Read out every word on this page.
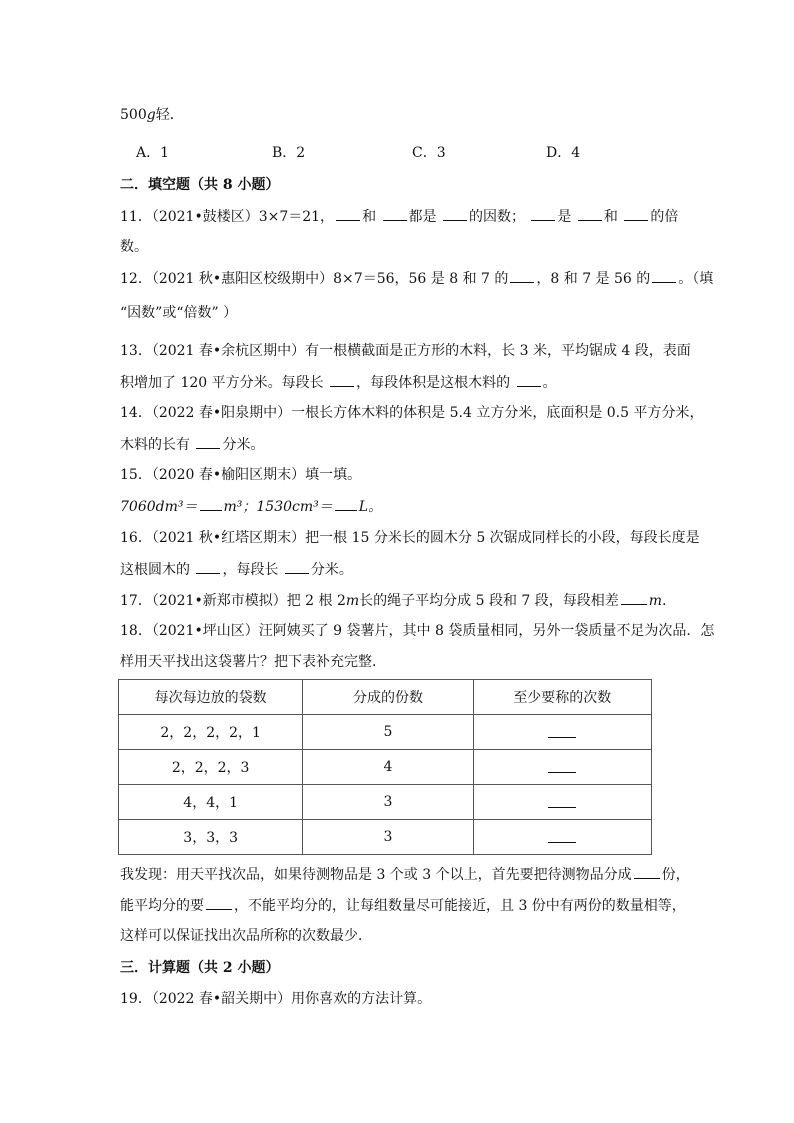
500g轻．
A．1	B．2	C．3	D．4
二．填空题（共 8 小题）
11．（2021•鼓楼区）3×7＝21， 和 都是 的因数； 是 和 的倍
数。
12．（2021 秋•惠阳区校级期中）8×7＝56，56 是 8 和 7 的 ，8 和 7 是 56 的 。（填
“因数”或“倍数” ）
13．（2021 春•余杭区期中）有一根横截面是正方形的木料，长 3 米，平均锯成 4 段，表面
积增加了 120 平方分米。每段长 ，每段体积是这根木料的 。
14．（2022 春•阳泉期中）一根长方体木料的体积是 5.4 立方分米，底面积是 0.5 平方分米，
木料的长有 分米。
15．（2020 春•榆阳区期末）填一填。
7060dm³＝ m³；1530cm³＝ L。
16．（2021 秋•红塔区期末）把一根 15 分米长的圆木分 5 次锯成同样长的小段，每段长度是
这根圆木的 ，每段长 分米。
17．（2021•新郑市模拟）把 2 根 2m长的绳子平均分成 5 段和 7 段，每段相差 m．
18．（2021•坪山区）汪阿姨买了 9 袋薯片，其中 8 袋质量相同，另外一袋质量不足为次品．怎
样用天平找出这袋薯片？把下表补充完整．
每次每边放的袋数	分成的份数	至少要称的次数
2，2，2，2，1	5	
2，2，2，3	4	
4，4，1	3	
3，3，3	3	
我发现：用天平找次品，如果待测物品是 3 个或 3 个以上，首先要把待测物品分成 份，
能平均分的要 ，不能平均分的，让每组数量尽可能接近，且 3 份中有两份的数量相等，
这样可以保证找出次品所称的次数最少．
三．计算题（共 2 小题）
19．（2022 春•韶关期中）用你喜欢的方法计算。
